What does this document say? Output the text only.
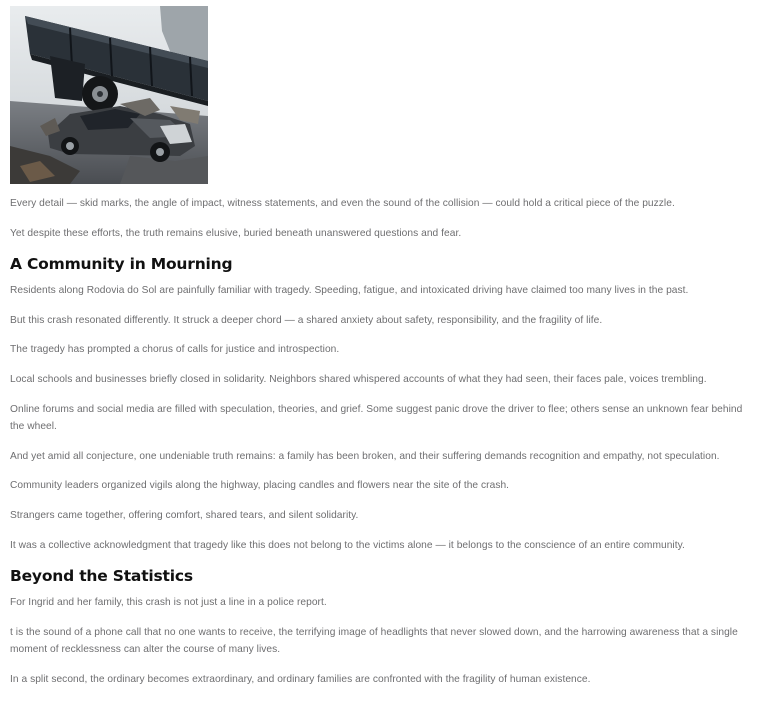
Every detail — skid marks, the angle of impact, witness statements, and even the sound of the collision — could hold a critical piece of the puzzle.

Yet despite these efforts, the truth remains elusive, buried beneath unanswered questions and fear.

A Community in Mourning

Residents along Rodovia do Sol are painfully familiar with tragedy. Speeding, fatigue, and intoxicated driving have claimed too many lives in the past.

But this crash resonated differently. It struck a deeper chord — a shared anxiety about safety, responsibility, and the fragility of life.

The tragedy has prompted a chorus of calls for justice and introspection.

Local schools and businesses briefly closed in solidarity. Neighbors shared whispered accounts of what they had seen, their faces pale, voices trembling.

Online forums and social media are filled with speculation, theories, and grief. Some suggest panic drove the driver to flee; others sense an unknown fear behind the wheel.

And yet amid all conjecture, one undeniable truth remains: a family has been broken, and their suffering demands recognition and empathy, not speculation.

Community leaders organized vigils along the highway, placing candles and flowers near the site of the crash.

Strangers came together, offering comfort, shared tears, and silent solidarity.

It was a collective acknowledgment that tragedy like this does not belong to the victims alone — it belongs to the conscience of an entire community.

Beyond the Statistics

For Ingrid and her family, this crash is not just a line in a police report.

t is the sound of a phone call that no one wants to receive, the terrifying image of headlights that never slowed down, and the harrowing awareness that a single moment of recklessness can alter the course of many lives.

In a split second, the ordinary becomes extraordinary, and ordinary families are confronted with the fragility of human existence.
